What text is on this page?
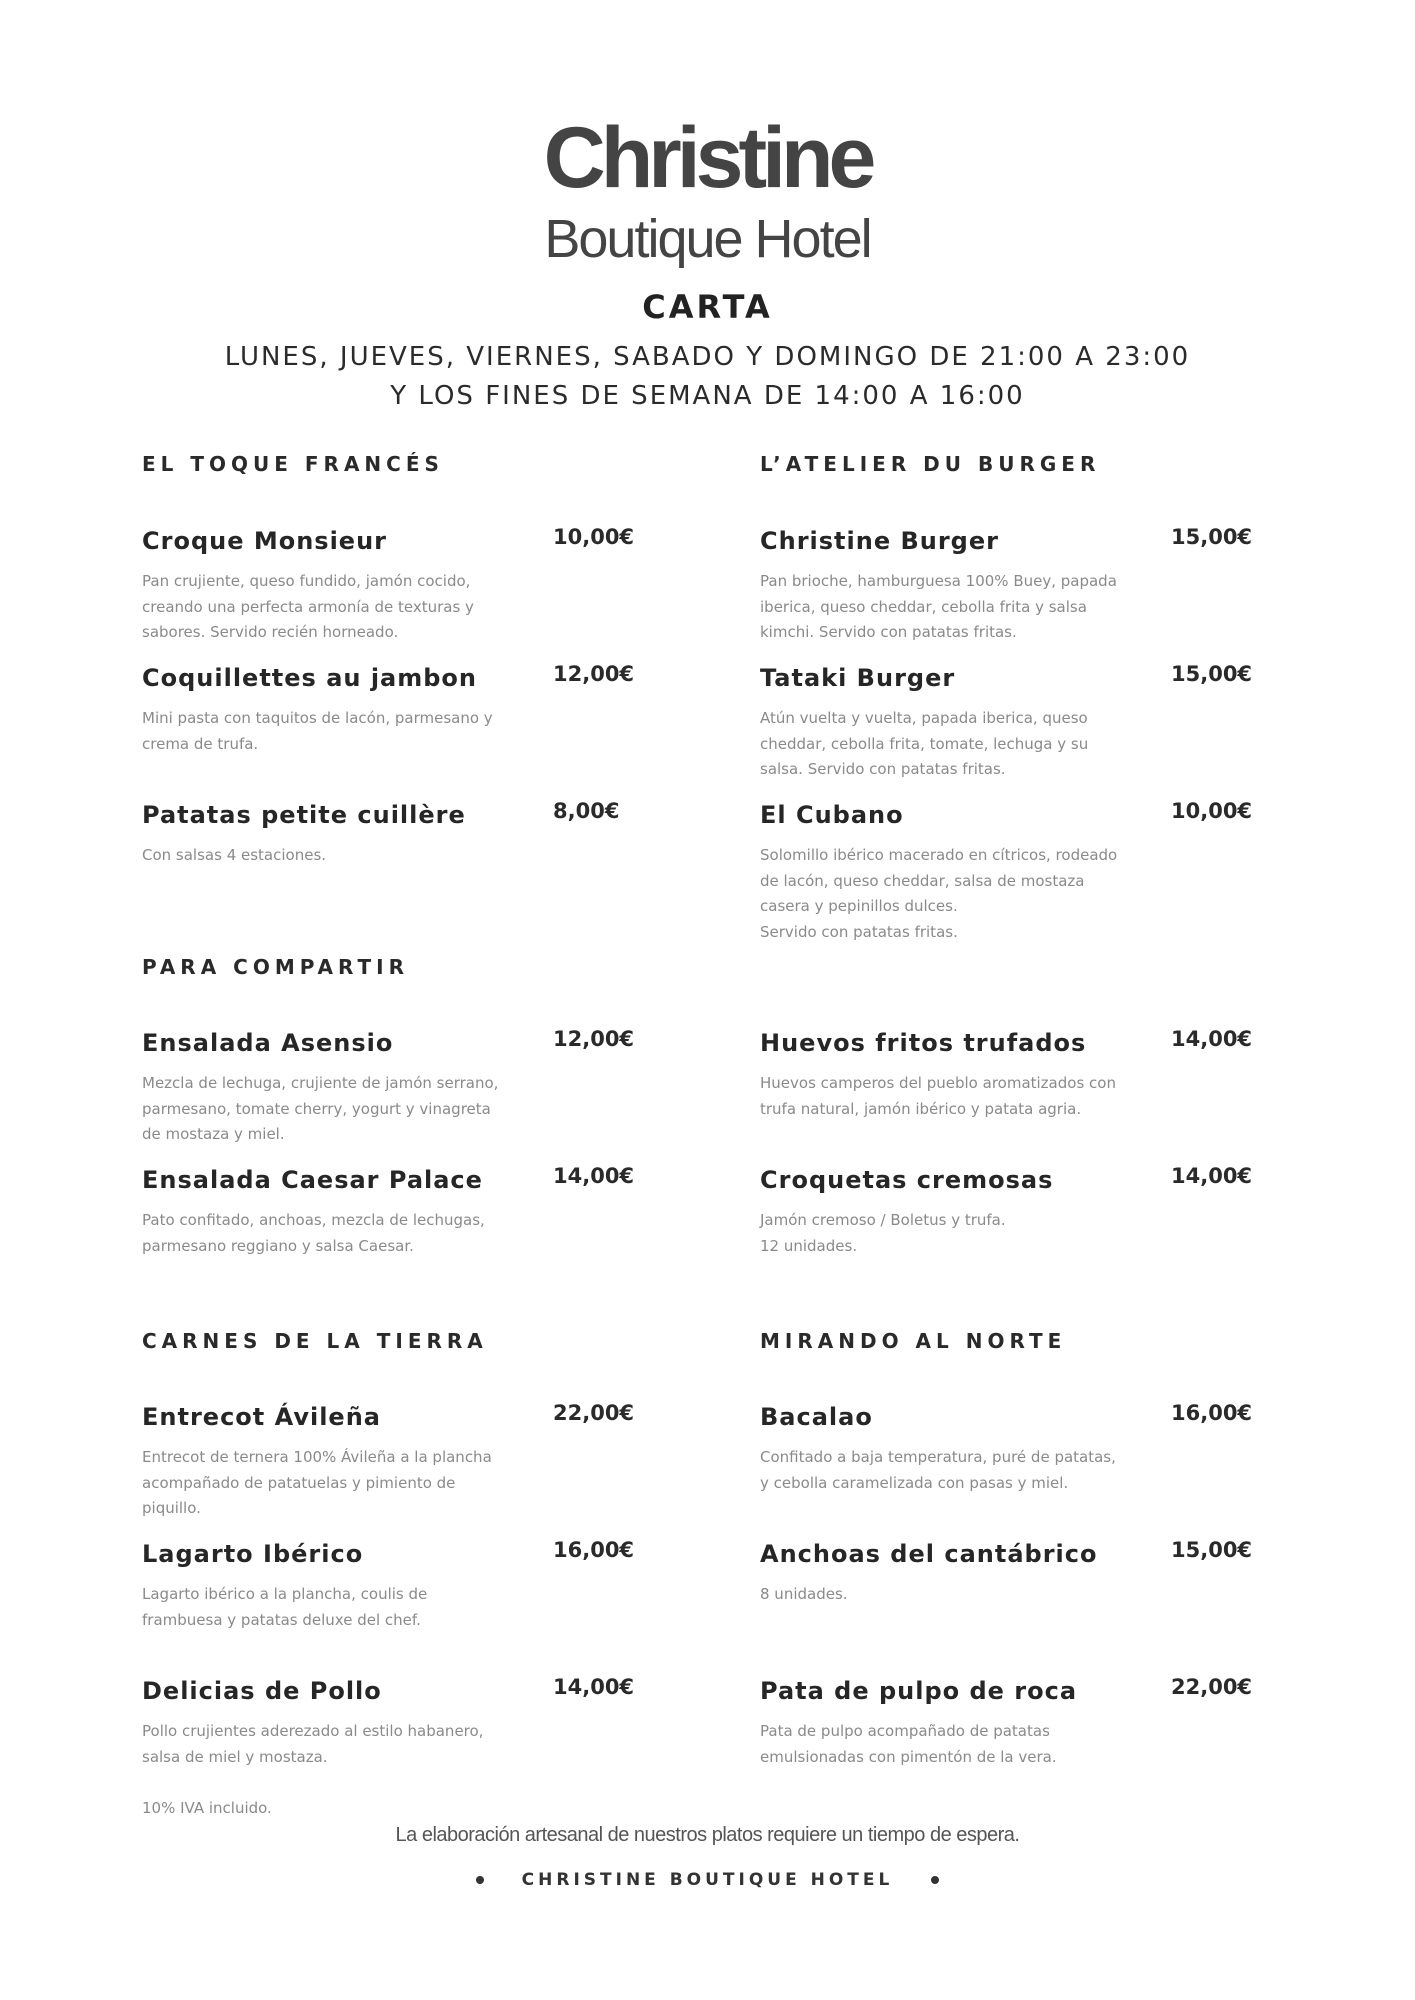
Christine
Boutique Hotel
CARTA
LUNES, JUEVES, VIERNES, SABADO Y DOMINGO DE 21:00 A 23:00
Y LOS FINES DE SEMANA DE 14:00 A 16:00
EL TOQUE FRANCÉS
Croque Monsieur	10,00€
Pan crujiente, queso fundido, jamón cocido,
creando una perfecta armonía de texturas y
sabores. Servido recién horneado.
Coquillettes au jambon	12,00€
Mini pasta con taquitos de lacón, parmesano y
crema de trufa.
Patatas petite cuillère	8,00€
Con salsas 4 estaciones.
L’ATELIER DU BURGER
Christine Burger	15,00€
Pan brioche, hamburguesa 100% Buey, papada
iberica, queso cheddar, cebolla frita y salsa
kimchi. Servido con patatas fritas.
Tataki Burger	15,00€
Atún vuelta y vuelta, papada iberica, queso
cheddar, cebolla frita, tomate, lechuga y su
salsa. Servido con patatas fritas.
El Cubano	10,00€
Solomillo ibérico macerado en cítricos, rodeado
de lacón, queso cheddar, salsa de mostaza
casera y pepinillos dulces.
Servido con patatas fritas.
PARA COMPARTIR
Ensalada Asensio	12,00€
Mezcla de lechuga, crujiente de jamón serrano,
parmesano, tomate cherry, yogurt y vinagreta
de mostaza y miel.
Ensalada Caesar Palace	14,00€
Pato confitado, anchoas, mezcla de lechugas,
parmesano reggiano y salsa Caesar.
Huevos fritos trufados	14,00€
Huevos camperos del pueblo aromatizados con
trufa natural, jamón ibérico y patata agria.
Croquetas cremosas	14,00€
Jamón cremoso / Boletus y trufa.
12 unidades.
CARNES DE LA TIERRA
Entrecot Ávileña	22,00€
Entrecot de ternera 100% Ávileña a la plancha
acompañado de patatuelas y pimiento de
piquillo.
Lagarto Ibérico	16,00€
Lagarto ibérico a la plancha, coulis de
frambuesa y patatas deluxe del chef.
Delicias de Pollo	14,00€
Pollo crujientes aderezado al estilo habanero,
salsa de miel y mostaza.
MIRANDO AL NORTE
Bacalao	16,00€
Confitado a baja temperatura, puré de patatas,
y cebolla caramelizada con pasas y miel.
Anchoas del cantábrico	15,00€
8 unidades.
Pata de pulpo de roca	22,00€
Pata de pulpo acompañado de patatas
emulsionadas con pimentón de la vera.
10% IVA incluido.
La elaboración artesanal de nuestros platos requiere un tiempo de espera.
CHRISTINE BOUTIQUE HOTEL
